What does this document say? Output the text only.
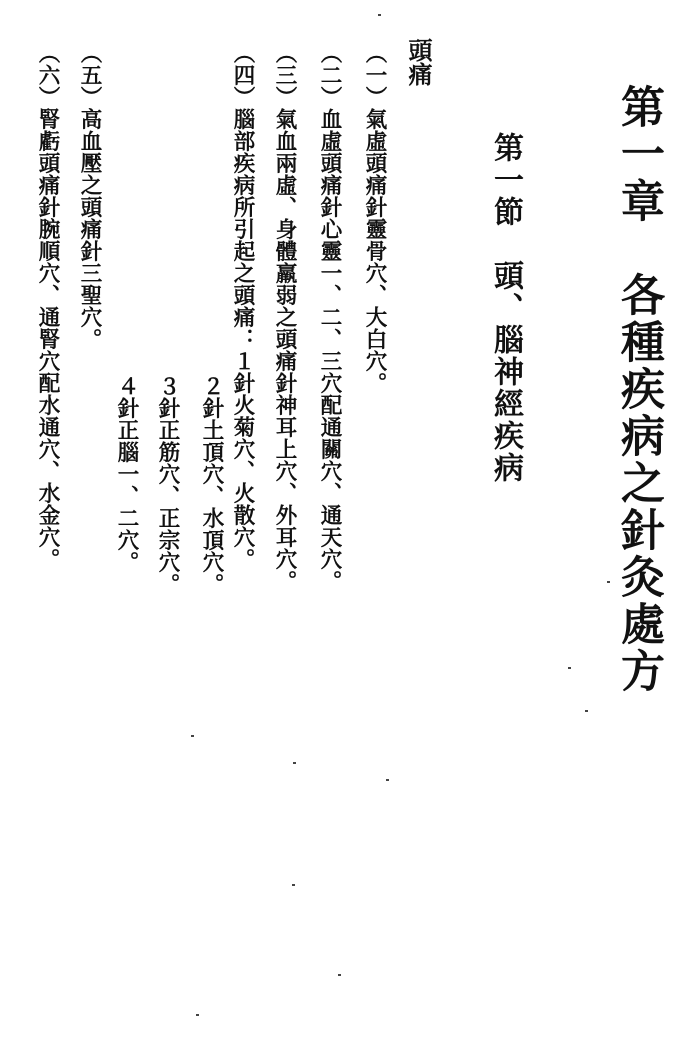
第一章　各種疾病之針灸處方
第一節　頭、腦神經疾病
頭痛
（一）氣虛頭痛針靈骨穴、大白穴。
（二）血虛頭痛針心靈一、二、三穴配通關穴、通天穴。
（三）氣血兩虛、身體羸弱之頭痛針神耳上穴、外耳穴。
（四）腦部疾病所引起之頭痛：１針火菊穴、火散穴。
２針土頂穴、水頂穴。
３針正筋穴、正宗穴。
４針正腦一、二穴。
（五）高血壓之頭痛針三聖穴。
（六）腎虧頭痛針腕順穴、通腎穴配水通穴、水金穴。
